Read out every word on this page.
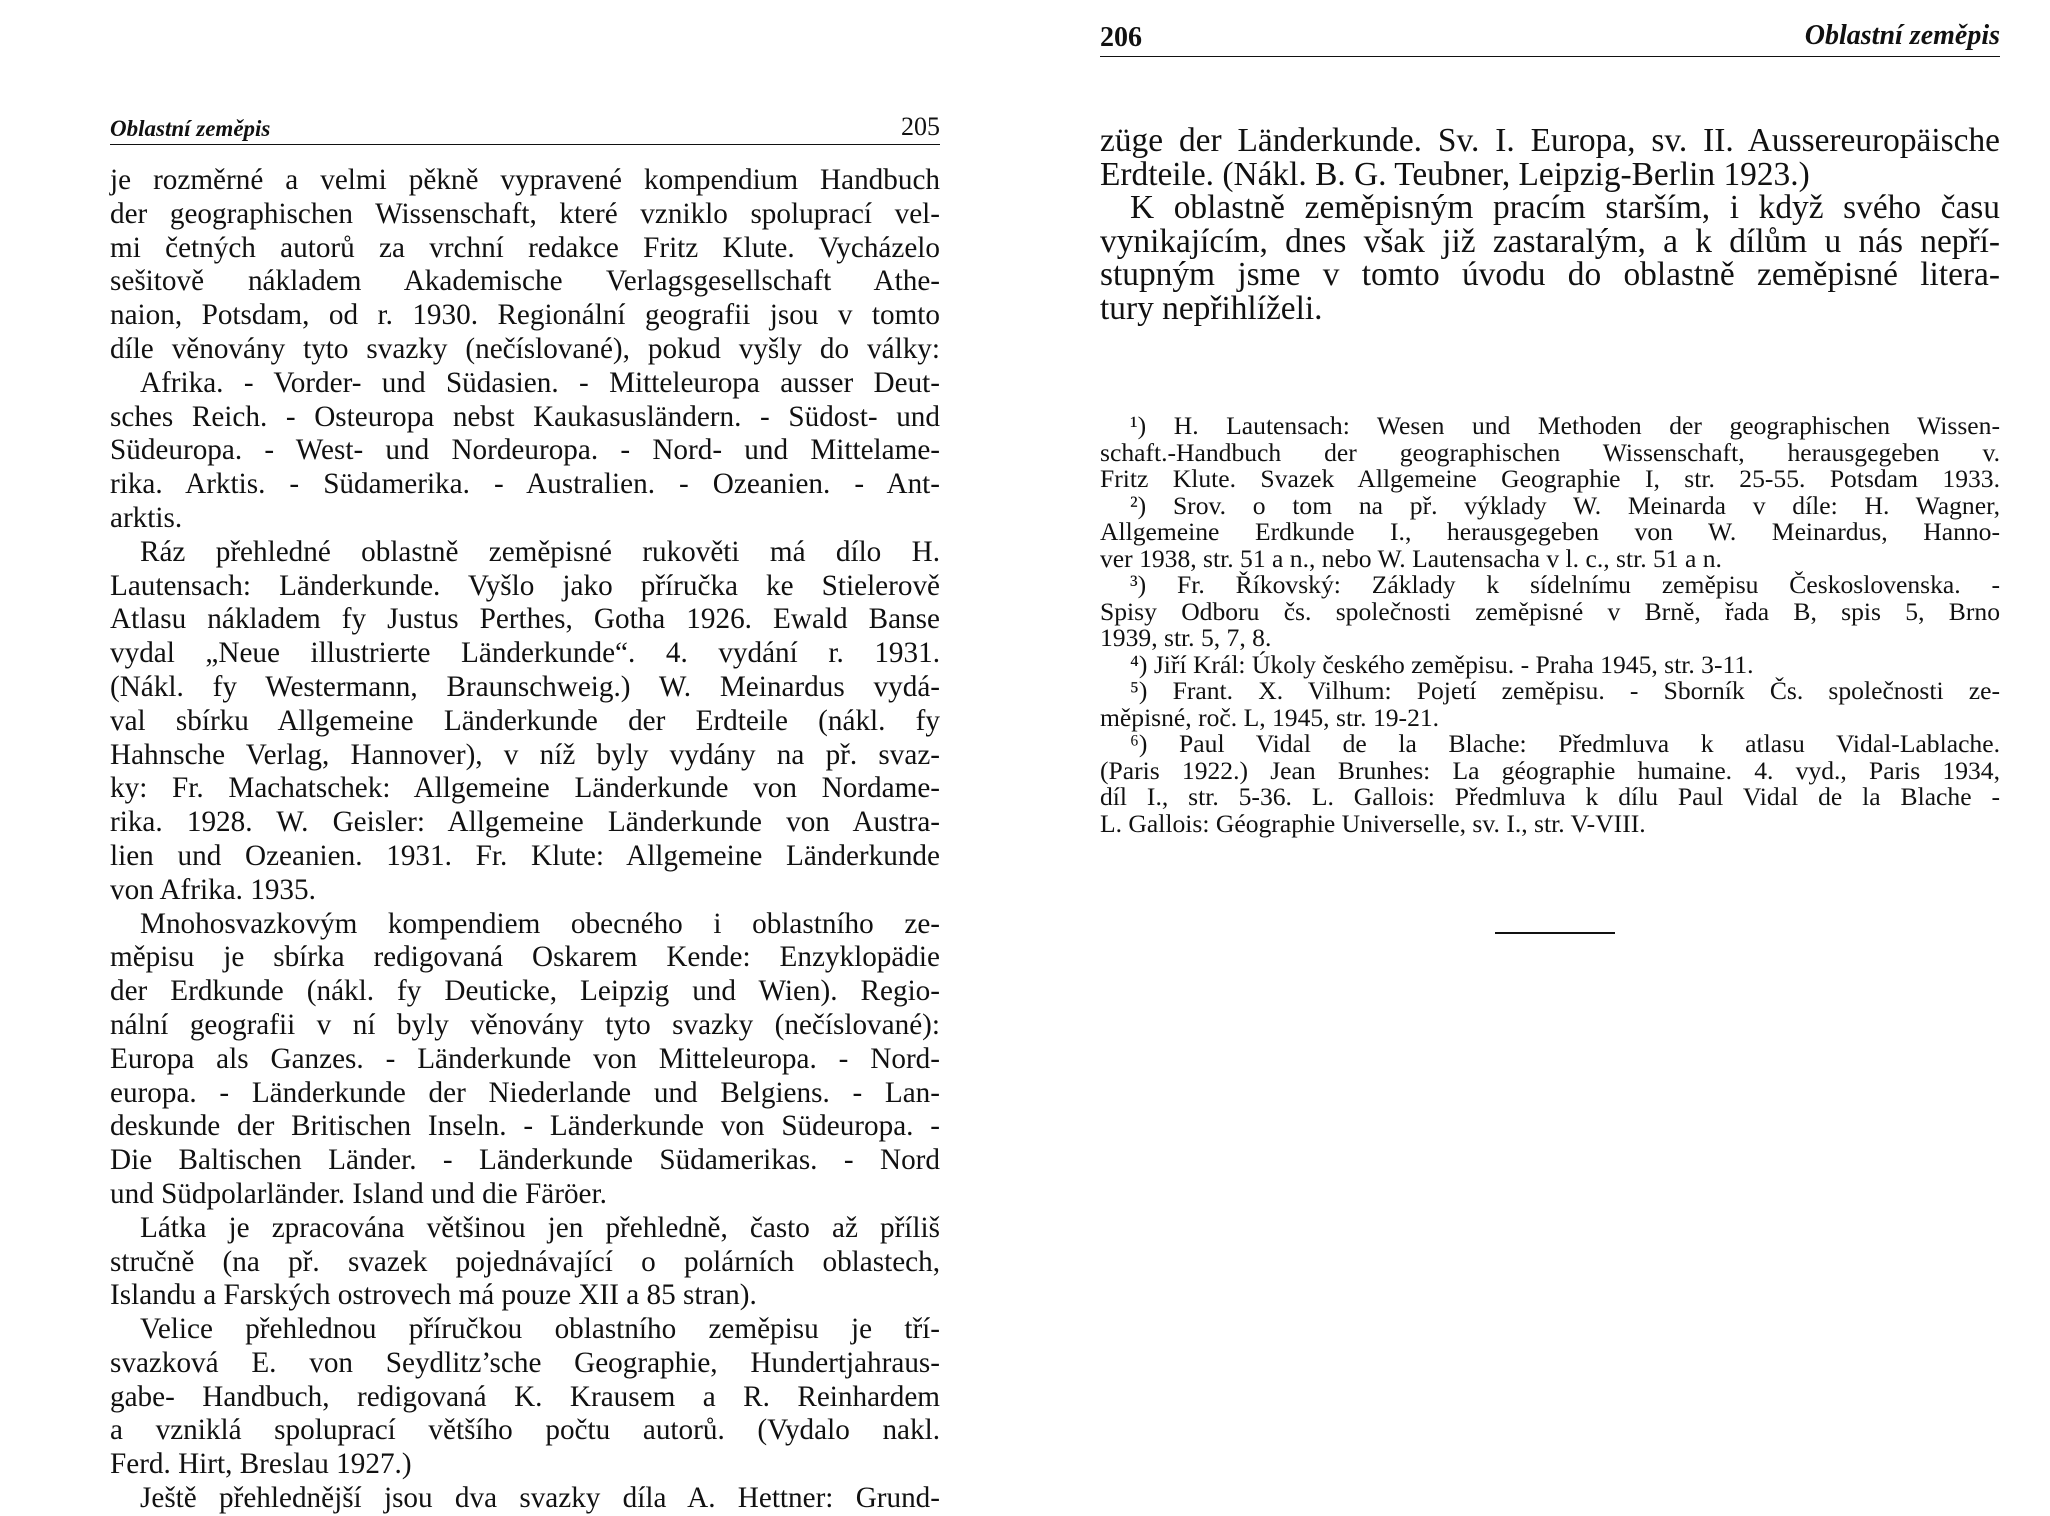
Oblastní zeměpis	205
je rozměrné a velmi pěkně vypravené kompendium Handbuch
der geographischen Wissenschaft, které vzniklo spoluprací vel-
mi četných autorů za vrchní redakce Fritz Klute. Vycházelo
sešitově nákladem Akademische Verlagsgesellschaft Athe-
naion, Potsdam, od r. 1930. Regionální geografii jsou v tomto
díle věnovány tyto svazky (nečíslované), pokud vyšly do války:
Afrika. - Vorder- und Südasien. - Mitteleuropa ausser Deut-
sches Reich. - Osteuropa nebst Kaukasusländern. - Südost- und
Südeuropa. - West- und Nordeuropa. - Nord- und Mittelame-
rika. Arktis. - Südamerika. - Australien. - Ozeanien. - Ant-
arktis.
Ráz přehledné oblastně zeměpisné rukověti má dílo H.
Lautensach: Länderkunde. Vyšlo jako příručka ke Stielerově
Atlasu nákladem fy Justus Perthes, Gotha 1926. Ewald Banse
vydal „Neue illustrierte Länderkunde“. 4. vydání r. 1931.
(Nákl. fy Westermann, Braunschweig.) W. Meinardus vydá-
val sbírku Allgemeine Länderkunde der Erdteile (nákl. fy
Hahnsche Verlag, Hannover), v níž byly vydány na př. svaz-
ky: Fr. Machatschek: Allgemeine Länderkunde von Nordame-
rika. 1928. W. Geisler: Allgemeine Länderkunde von Austra-
lien und Ozeanien. 1931. Fr. Klute: Allgemeine Länderkunde
von Afrika. 1935.
Mnohosvazkovým kompendiem obecného i oblastního ze-
měpisu je sbírka redigovaná Oskarem Kende: Enzyklopädie
der Erdkunde (nákl. fy Deuticke, Leipzig und Wien). Regio-
nální geografii v ní byly věnovány tyto svazky (nečíslované):
Europa als Ganzes. - Länderkunde von Mitteleuropa. - Nord-
europa. - Länderkunde der Niederlande und Belgiens. - Lan-
deskunde der Britischen Inseln. - Länderkunde von Südeuropa. -
Die Baltischen Länder. - Länderkunde Südamerikas. - Nord
und Südpolarländer. Island und die Färöer.
Látka je zpracována většinou jen přehledně, často až příliš
stručně (na př. svazek pojednávající o polárních oblastech,
Islandu a Farských ostrovech má pouze XII a 85 stran).
Velice přehlednou příručkou oblastního zeměpisu je tří-
svazková E. von Seydlitz’sche Geographie, Hundertjahraus-
gabe- Handbuch, redigovaná K. Krausem a R. Reinhardem
a vzniklá spoluprací většího počtu autorů. (Vydalo nakl.
Ferd. Hirt, Breslau 1927.)
Ještě přehlednější jsou dva svazky díla A. Hettner: Grund-
206	Oblastní zeměpis
züge der Länderkunde. Sv. I. Europa, sv. II. Aussereuropäische
Erdteile. (Nákl. B. G. Teubner, Leipzig-Berlin 1923.)
K oblastně zeměpisným pracím starším, i když svého času
vynikajícím, dnes však již zastaralým, a k dílům u nás nepří-
stupným jsme v tomto úvodu do oblastně zeměpisné litera-
tury nepřihlíželi.
¹) H. Lautensach: Wesen und Methoden der geographischen Wissen-
schaft.-Handbuch der geographischen Wissenschaft, herausgegeben v.
Fritz Klute. Svazek Allgemeine Geographie I, str. 25-55. Potsdam 1933.
²) Srov. o tom na př. výklady W. Meinarda v díle: H. Wagner,
Allgemeine Erdkunde I., herausgegeben von W. Meinardus, Hanno-
ver 1938, str. 51 a n., nebo W. Lautensacha v l. c., str. 51 a n.
³) Fr. Říkovský: Základy k sídelnímu zeměpisu Československa. -
Spisy Odboru čs. společnosti zeměpisné v Brně, řada B, spis 5, Brno
1939, str. 5, 7, 8.
⁴) Jiří Král: Úkoly českého zeměpisu. - Praha 1945, str. 3-11.
⁵) Frant. X. Vilhum: Pojetí zeměpisu. - Sborník Čs. společnosti ze-
měpisné, roč. L, 1945, str. 19-21.
⁶) Paul Vidal de la Blache: Předmluva k atlasu Vidal-Lablache.
(Paris 1922.) Jean Brunhes: La géographie humaine. 4. vyd., Paris 1934,
díl I., str. 5-36. L. Gallois: Předmluva k dílu Paul Vidal de la Blache -
L. Gallois: Géographie Universelle, sv. I., str. V-VIII.
